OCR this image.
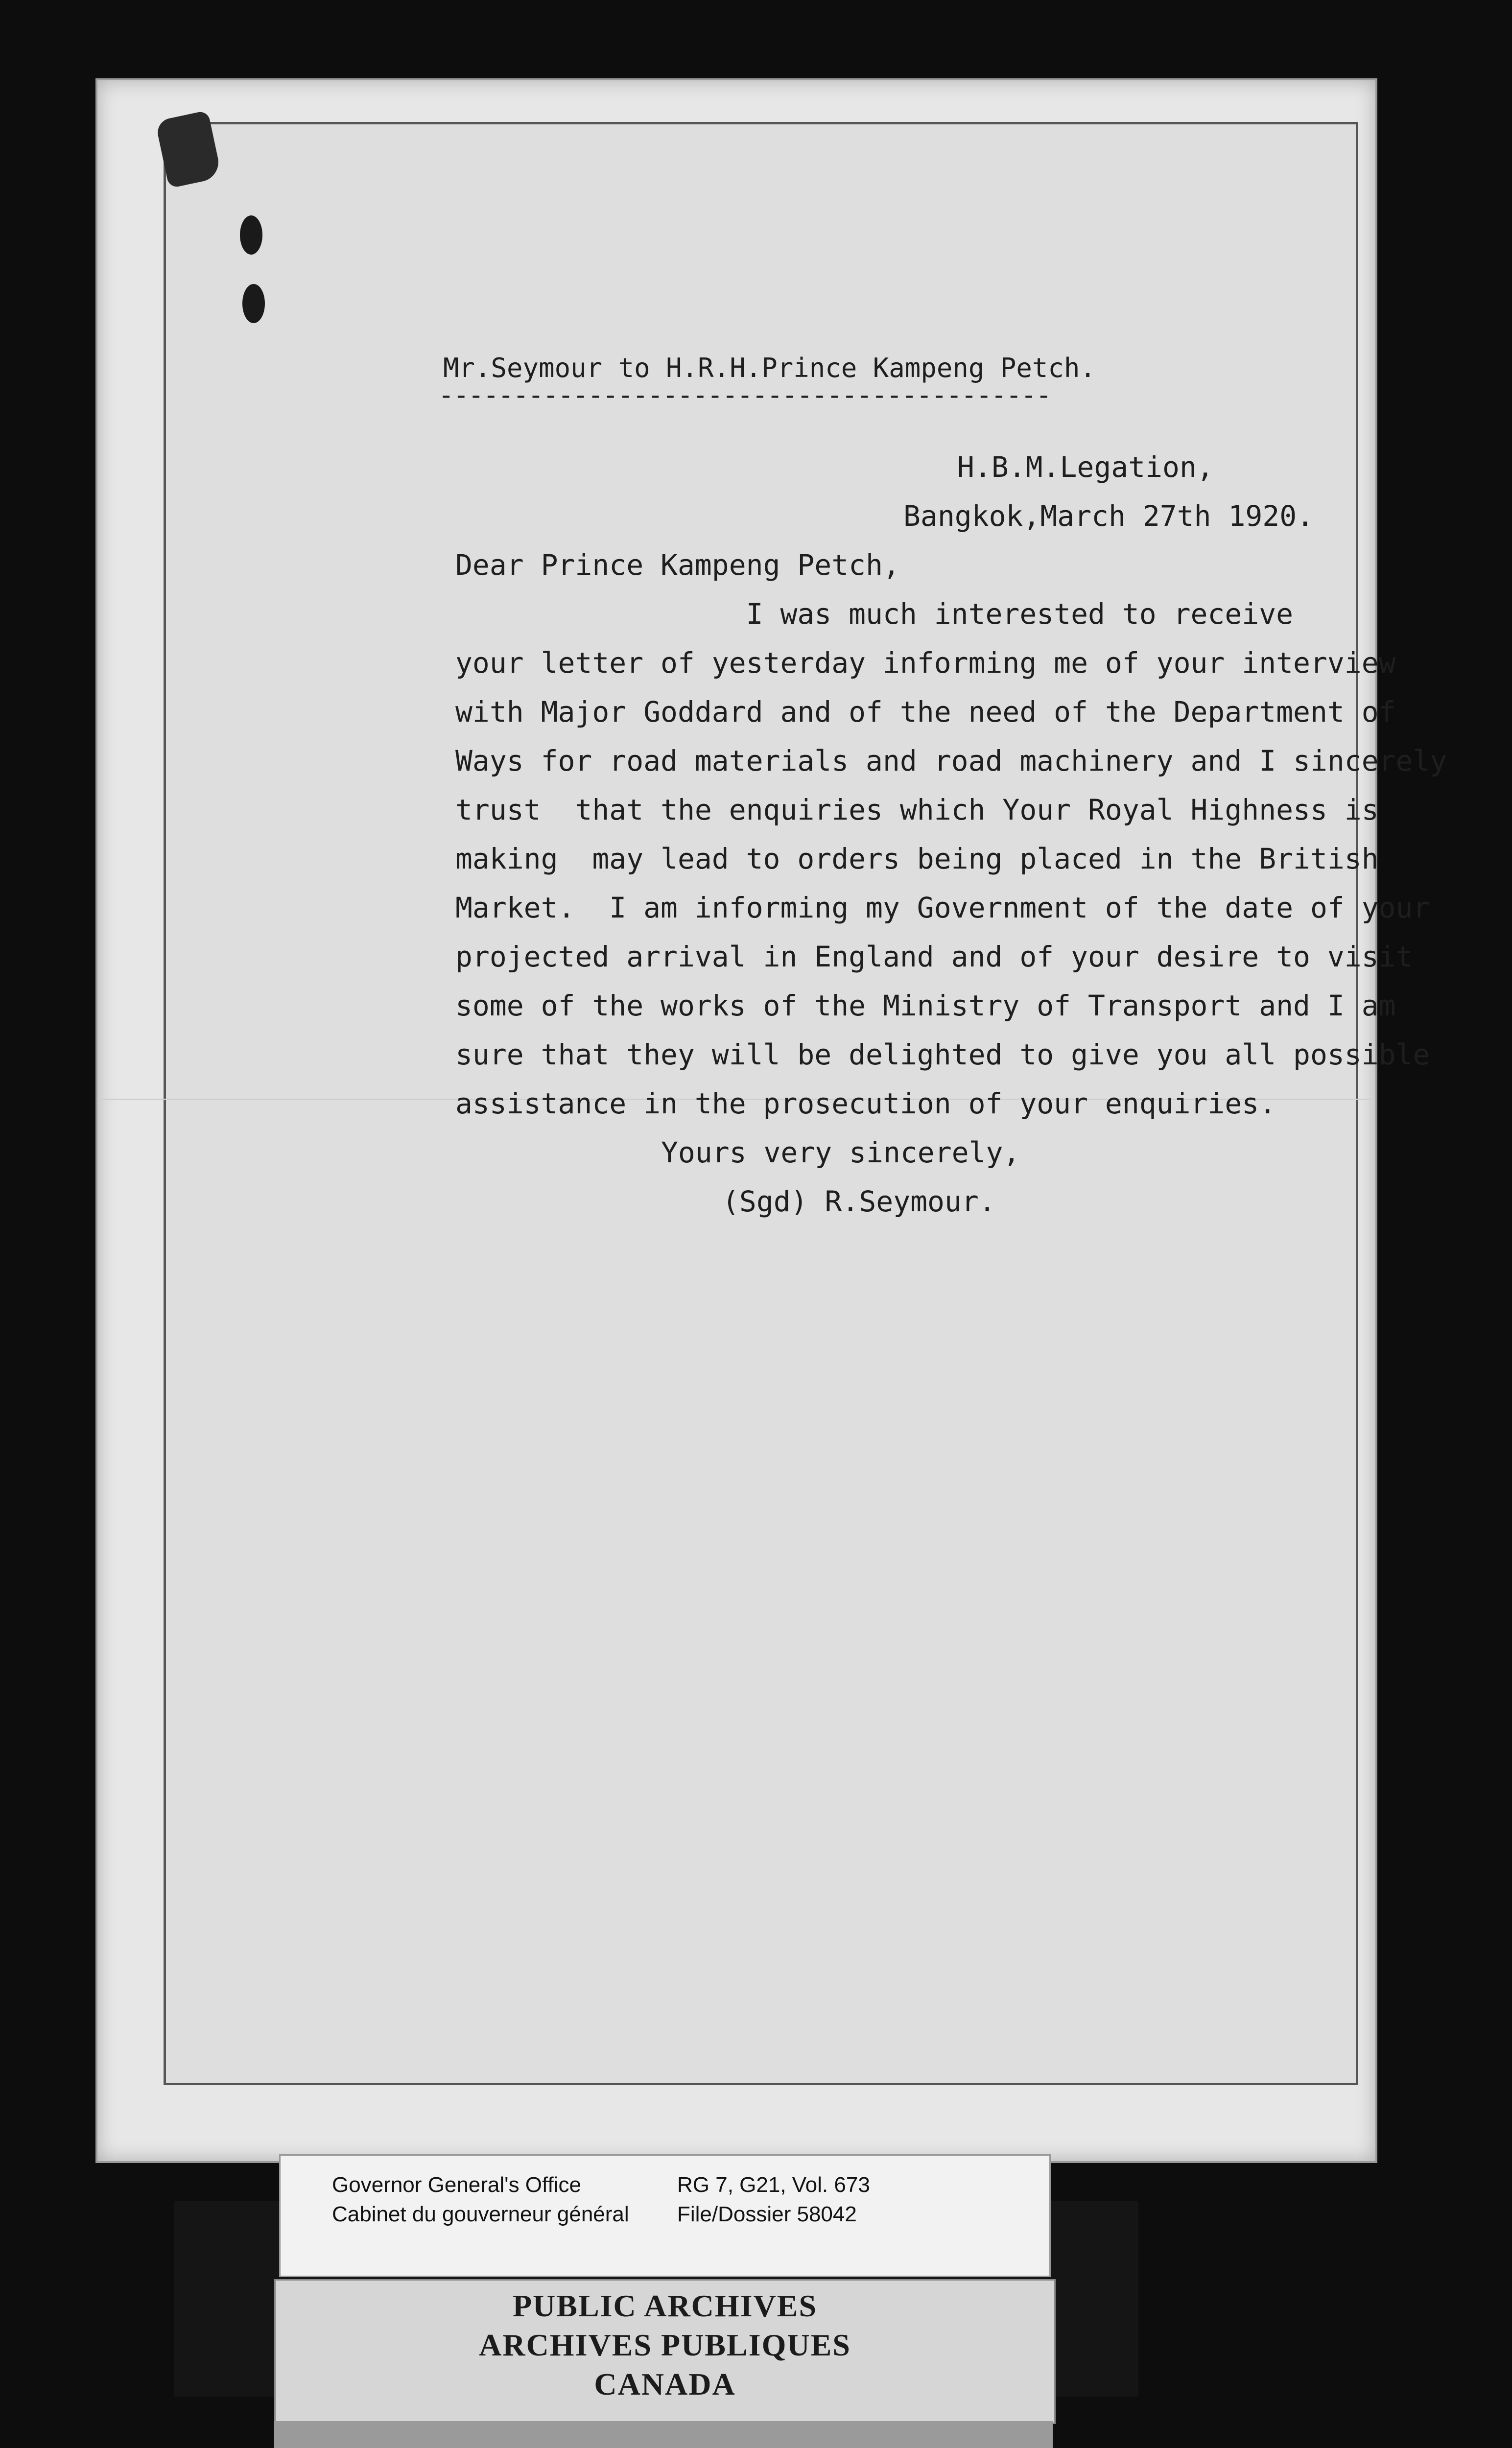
Mr.Seymour to H.R.H.Prince Kampeng Petch.
-----------------------------------------
H.B.M.Legation,
Bangkok,March 27th 1920.
Dear Prince Kampeng Petch,
I was much interested to receive
your letter of yesterday informing me of your interview
with Major Goddard and of the need of the Department of
Ways for road materials and road machinery and I sincerely
trust  that the enquiries which Your Royal Highness is
making  may lead to orders being placed in the British
Market.  I am informing my Government of the date of your
projected arrival in England and of your desire to visit
some of the works of the Ministry of Transport and I am
sure that they will be delighted to give you all possible
assistance in the prosecution of your enquiries.
Yours very sincerely,
(Sgd) R.Seymour.
Governor General's Office
Cabinet du gouverneur général
RG 7, G21, Vol. 673
File/Dossier 58042
PUBLIC ARCHIVES
ARCHIVES PUBLIQUES
CANADA
